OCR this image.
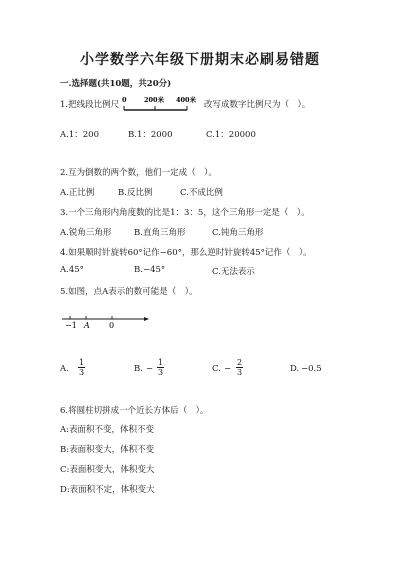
小学数学六年级下册期末必刷易错题
一.选择题(共10题，共20分)
1.把线段比例尺 0	200米 400米 改写成数字比例尺为（　）。
A.1：200	B.1：2000	C.1：20000
2.互为倒数的两个数，他们一定成（　）。
A.正比例	B.反比例	C.不成比例
3.一个三角形内角度数的比是1：3：5，这个三角形一定是（　）。
A.锐角三角形	B.直角三角形	C.钝角三角形
4.如果顺时针旋转60°记作−60°，那么逆时针旋转45°记作（　）。
A.45°	B.−45°	C.无法表示
5.如图，点A表示的数可能是（　）。
−1 A 0
A. $\frac{1}{3}$	B. − $\frac{1}{3}$	C. − $\frac{2}{3}$	D. −0.5
6.将圆柱切拼成一个近长方体后（　）。
A:表面积不变，体积不变
B:表面积变大，体积不变
C:表面积变大，体积变大
D:表面积不定，体积变大
